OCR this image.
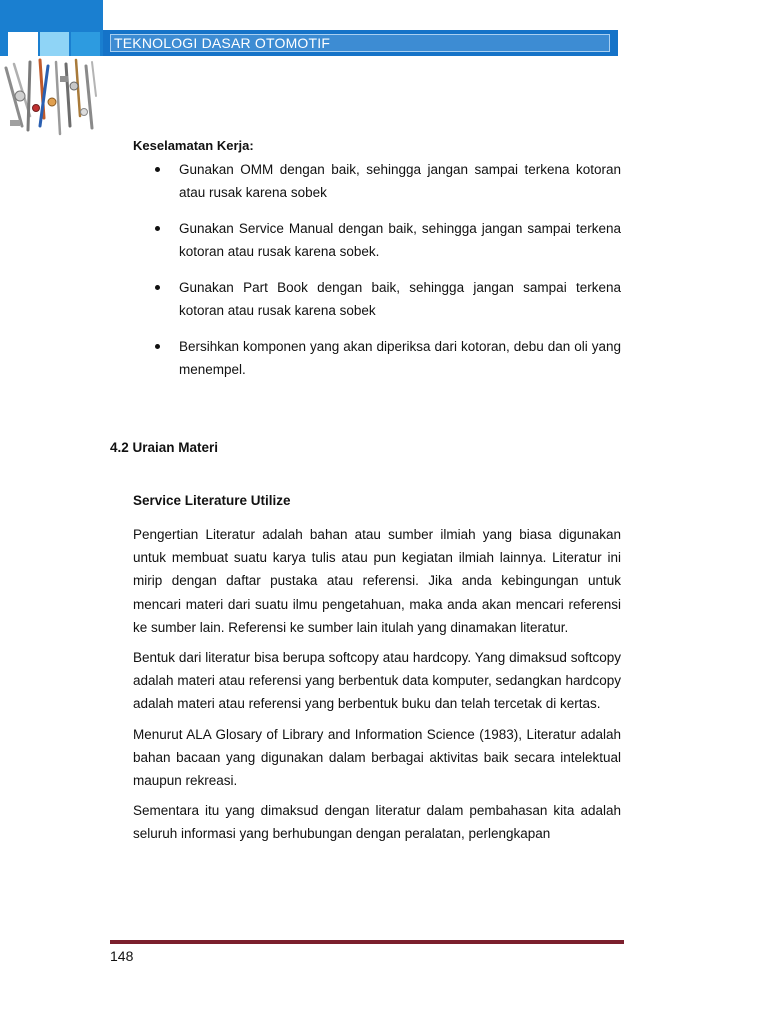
TEKNOLOGI DASAR OTOMOTIF
Keselamatan Kerja:
Gunakan OMM dengan baik, sehingga jangan sampai terkena kotoran atau rusak karena sobek
Gunakan Service Manual dengan baik, sehingga jangan sampai terkena kotoran atau rusak karena sobek.
Gunakan Part Book dengan baik, sehingga jangan sampai terkena kotoran atau rusak karena sobek
Bersihkan komponen yang akan diperiksa dari kotoran, debu dan oli yang menempel.
4.2 Uraian Materi
Service Literature Utilize

Pengertian Literatur adalah bahan atau sumber ilmiah yang biasa digunakan untuk membuat suatu karya tulis atau pun kegiatan ilmiah lainnya. Literatur ini mirip dengan daftar pustaka atau referensi. Jika anda kebingungan untuk mencari materi dari suatu ilmu pengetahuan, maka anda akan mencari referensi ke sumber lain. Referensi ke sumber lain itulah yang dinamakan literatur.

Bentuk dari literatur bisa berupa softcopy atau hardcopy. Yang dimaksud softcopy adalah materi atau referensi yang berbentuk data komputer, sedangkan hardcopy adalah materi atau referensi yang berbentuk buku dan telah tercetak di kertas.

Menurut ALA Glosary of Library and Information Science (1983), Literatur adalah bahan bacaan yang digunakan dalam berbagai aktivitas baik secara intelektual maupun rekreasi.

Sementara itu yang dimaksud dengan literatur dalam pembahasan kita adalah seluruh informasi yang berhubungan dengan peralatan, perlengkapan

148
